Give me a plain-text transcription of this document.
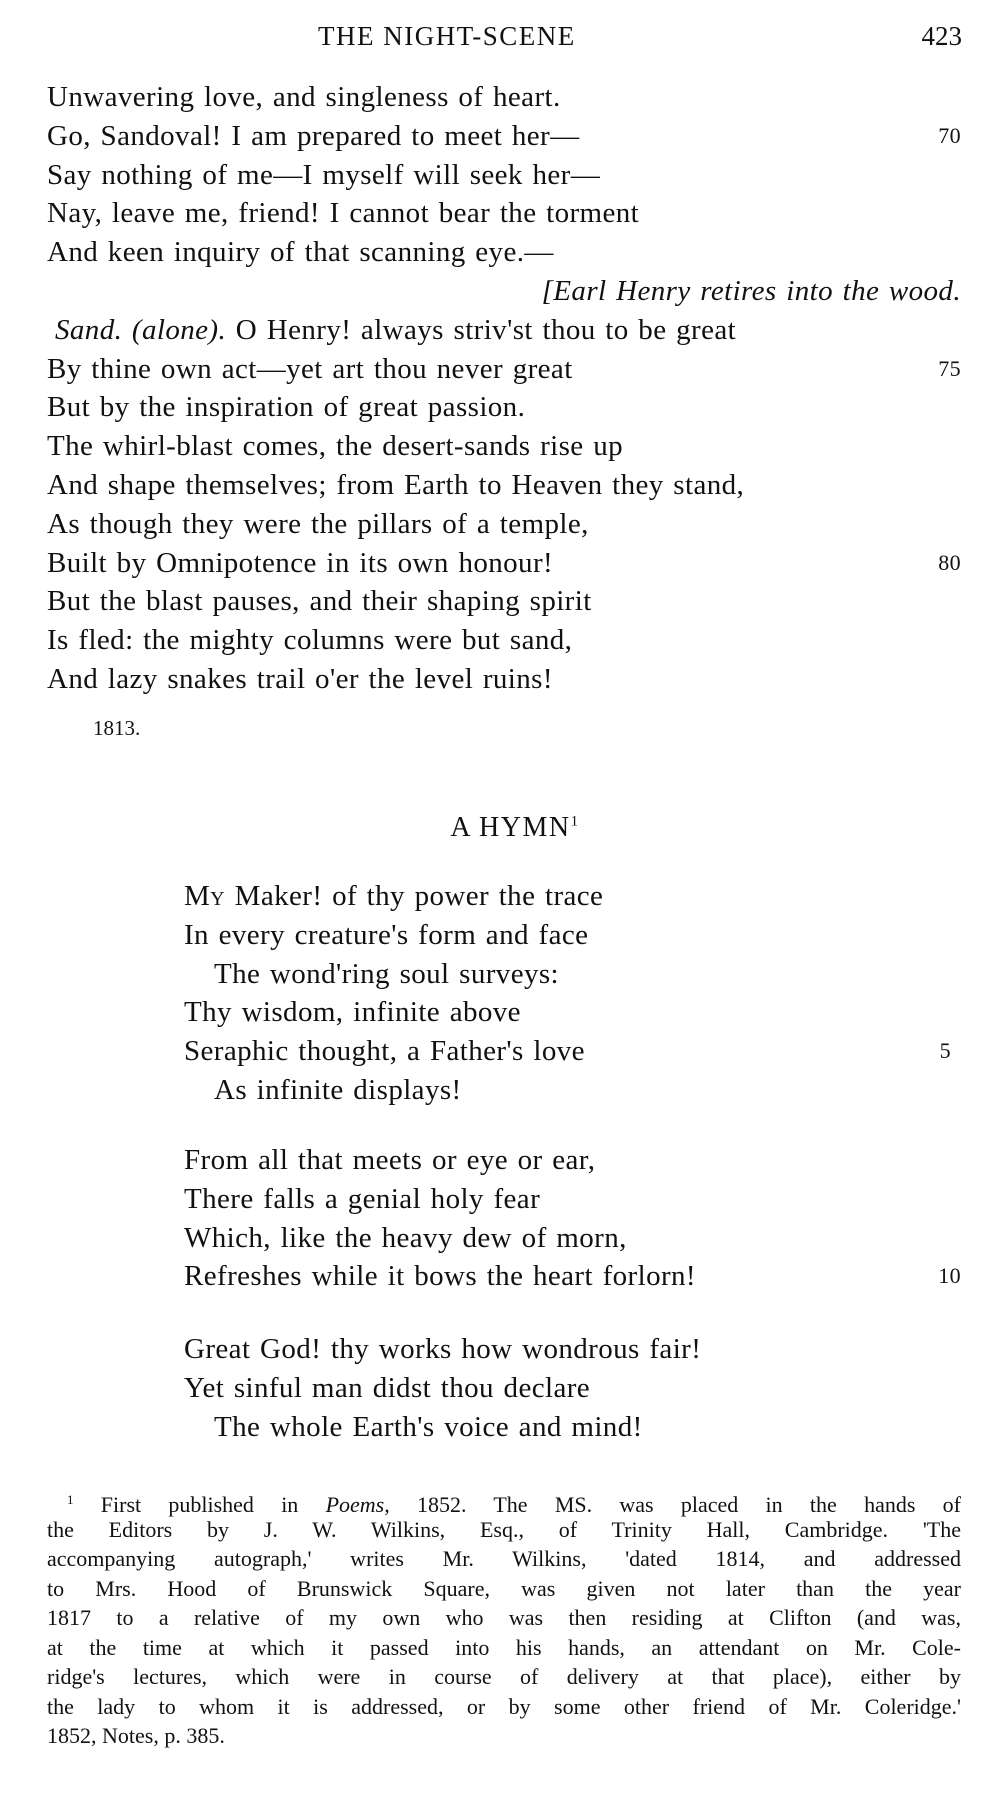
THE NIGHT-SCENE	423
Unwavering love, and singleness of heart.
Go, Sandoval! I am prepared to meet her—	70
Say nothing of me—I myself will seek her—
Nay, leave me, friend! I cannot bear the torment
And keen inquiry of that scanning eye.—
[Earl Henry retires into the wood.
Sand. (alone). O Henry! always striv'st thou to be great
By thine own act—yet art thou never great	75
But by the inspiration of great passion.
The whirl-blast comes, the desert-sands rise up
And shape themselves; from Earth to Heaven they stand,
As though they were the pillars of a temple,
Built by Omnipotence in its own honour!	80
But the blast pauses, and their shaping spirit
Is fled: the mighty columns were but sand,
And lazy snakes trail o'er the level ruins!
1813.
A HYMN$^1$
My Maker! of thy power the trace
In every creature's form and face
The wond'ring soul surveys:
Thy wisdom, infinite above
Seraphic thought, a Father's love	5
As infinite displays!
From all that meets or eye or ear,
There falls a genial holy fear
Which, like the heavy dew of morn,
Refreshes while it bows the heart forlorn!	10
Great God! thy works how wondrous fair!
Yet sinful man didst thou declare
The whole Earth's voice and mind!
$^1$ First published in Poems, 1852. The MS. was placed in the hands of
the Editors by J. W. Wilkins, Esq., of Trinity Hall, Cambridge. 'The
accompanying autograph,' writes Mr. Wilkins, 'dated 1814, and addressed
to Mrs. Hood of Brunswick Square, was given not later than the year
1817 to a relative of my own who was then residing at Clifton (and was,
at the time at which it passed into his hands, an attendant on Mr. Cole-
ridge's lectures, which were in course of delivery at that place), either by
the lady to whom it is addressed, or by some other friend of Mr. Coleridge.'
1852, Notes, p. 385.
